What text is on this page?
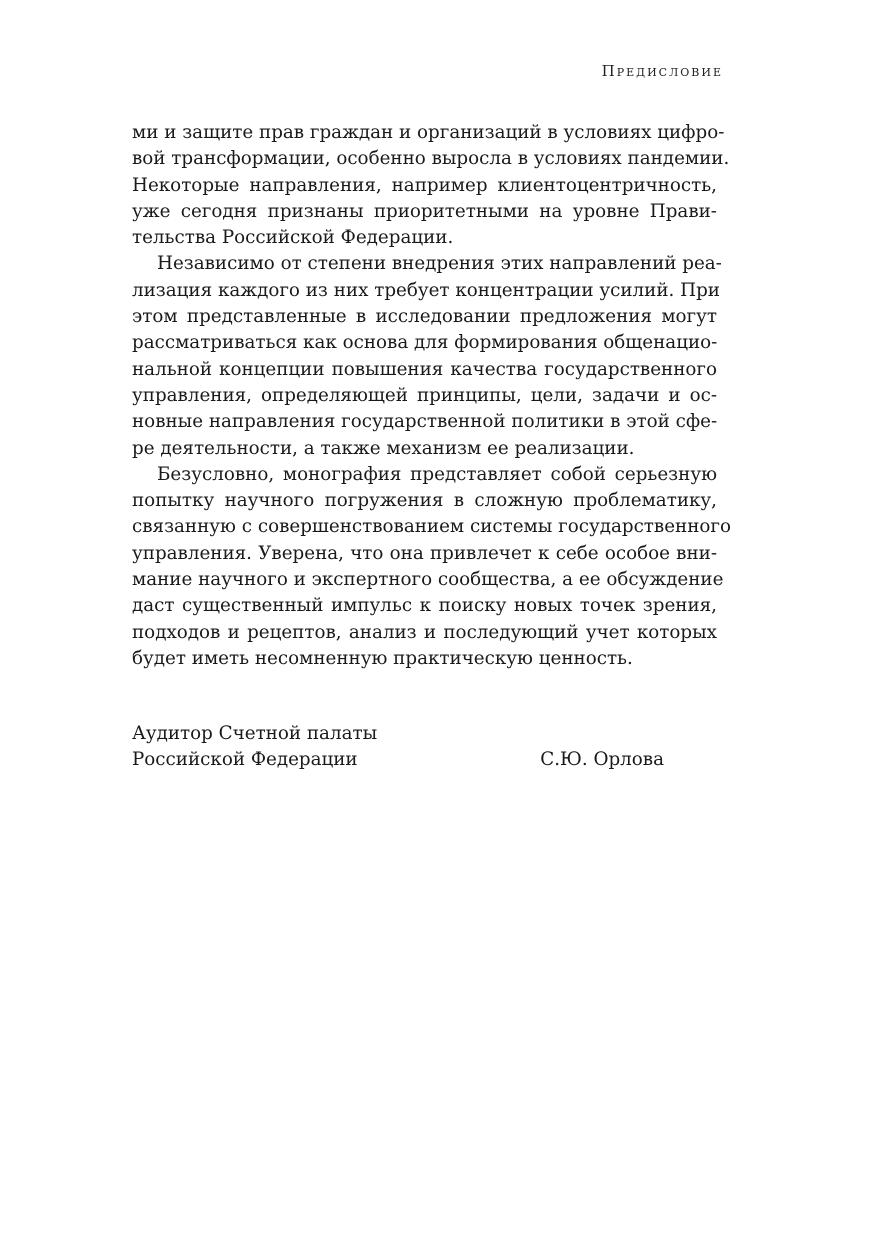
Предисловие
ми и защите прав граждан и организаций в условиях цифро-
вой трансформации, особенно выросла в условиях пандемии.
Некоторые направления, например клиентоцентричность,
уже сегодня признаны приоритетными на уровне Прави-
тельства Российской Федерации.
Независимо от степени внедрения этих направлений реа-
лизация каждого из них требует концентрации усилий. При
этом представленные в исследовании предложения могут
рассматриваться как основа для формирования общенацио-
нальной концепции повышения качества государственного
управления, определяющей принципы, цели, задачи и ос-
новные направления государственной политики в этой сфе-
ре деятельности, а также механизм ее реализации.
Безусловно, монография представляет собой серьезную
попытку научного погружения в сложную проблематику,
связанную с совершенствованием системы государственного
управления. Уверена, что она привлечет к себе особое вни-
мание научного и экспертного сообщества, а ее обсуждение
даст существенный импульс к поиску новых точек зрения,
подходов и рецептов, анализ и последующий учет которых
будет иметь несомненную практическую ценность.
Аудитор Счетной палаты
Российской Федерации	С.Ю. Орлова
